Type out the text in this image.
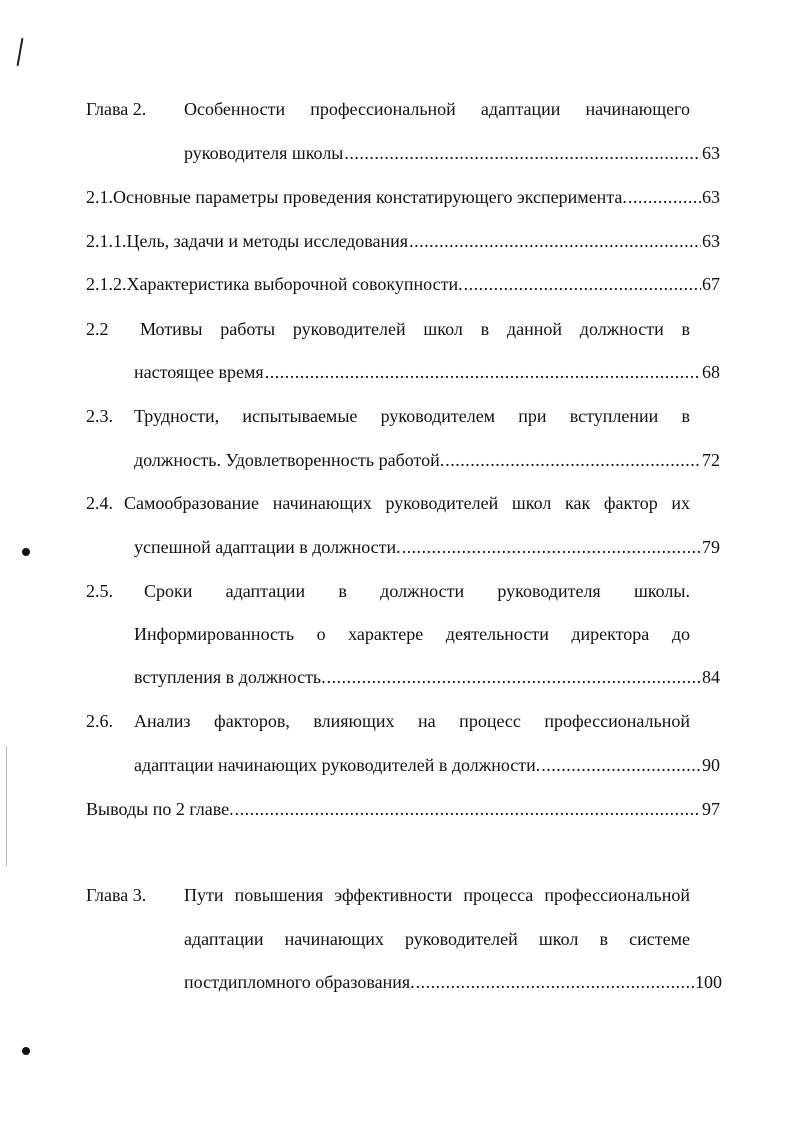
Глава 2. Особенности профессиональной адаптации начинающего
руководителя школы .....	63
2.1. Основные параметры проведения констатирующего эксперимента. .....	63
2.1.1. Цель, задачи и методы исследования .....	63
2.1.2. Характеристика выборочной совокупности. .....	67
2.2 Мотивы работы руководителей школ в данной должности в
настоящее время .....	68
2.3. Трудности, испытываемые руководителем при вступлении в
должность. Удовлетворенность работой. .....	72
2.4. Самообразование начинающих руководителей школ как фактор их
успешной адаптации в должности. .....	79
2.5. Сроки адаптации в должности руководителя школы.
Информированность о характере деятельности директора до
вступления в должность. .....	84
2.6. Анализ факторов, влияющих на процесс профессиональной
адаптации начинающих руководителей в должности. .....	90
Выводы по 2 главе. .....	97
Глава 3. Пути повышения эффективности процесса профессиональной
адаптации начинающих руководителей школ в системе
постдипломного образования. .....	100
